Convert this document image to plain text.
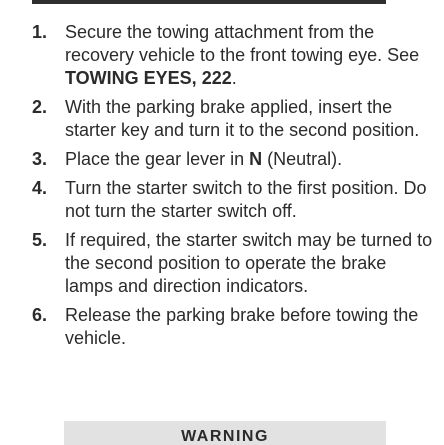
1. Secure the towing attachment from the recovery vehicle to the front towing eye. See TOWING EYES, 222.
2. With the parking brake applied, insert the starter key and turn it to the second position.
3. Place the gear lever in N (Neutral).
4. Turn the starter switch to the first position. Do not turn the starter switch off.
5. If required, the starter switch may be turned to the second position to operate the brake lamps and direction indicators.
6. Release the parking brake before towing the vehicle.
WARNING
